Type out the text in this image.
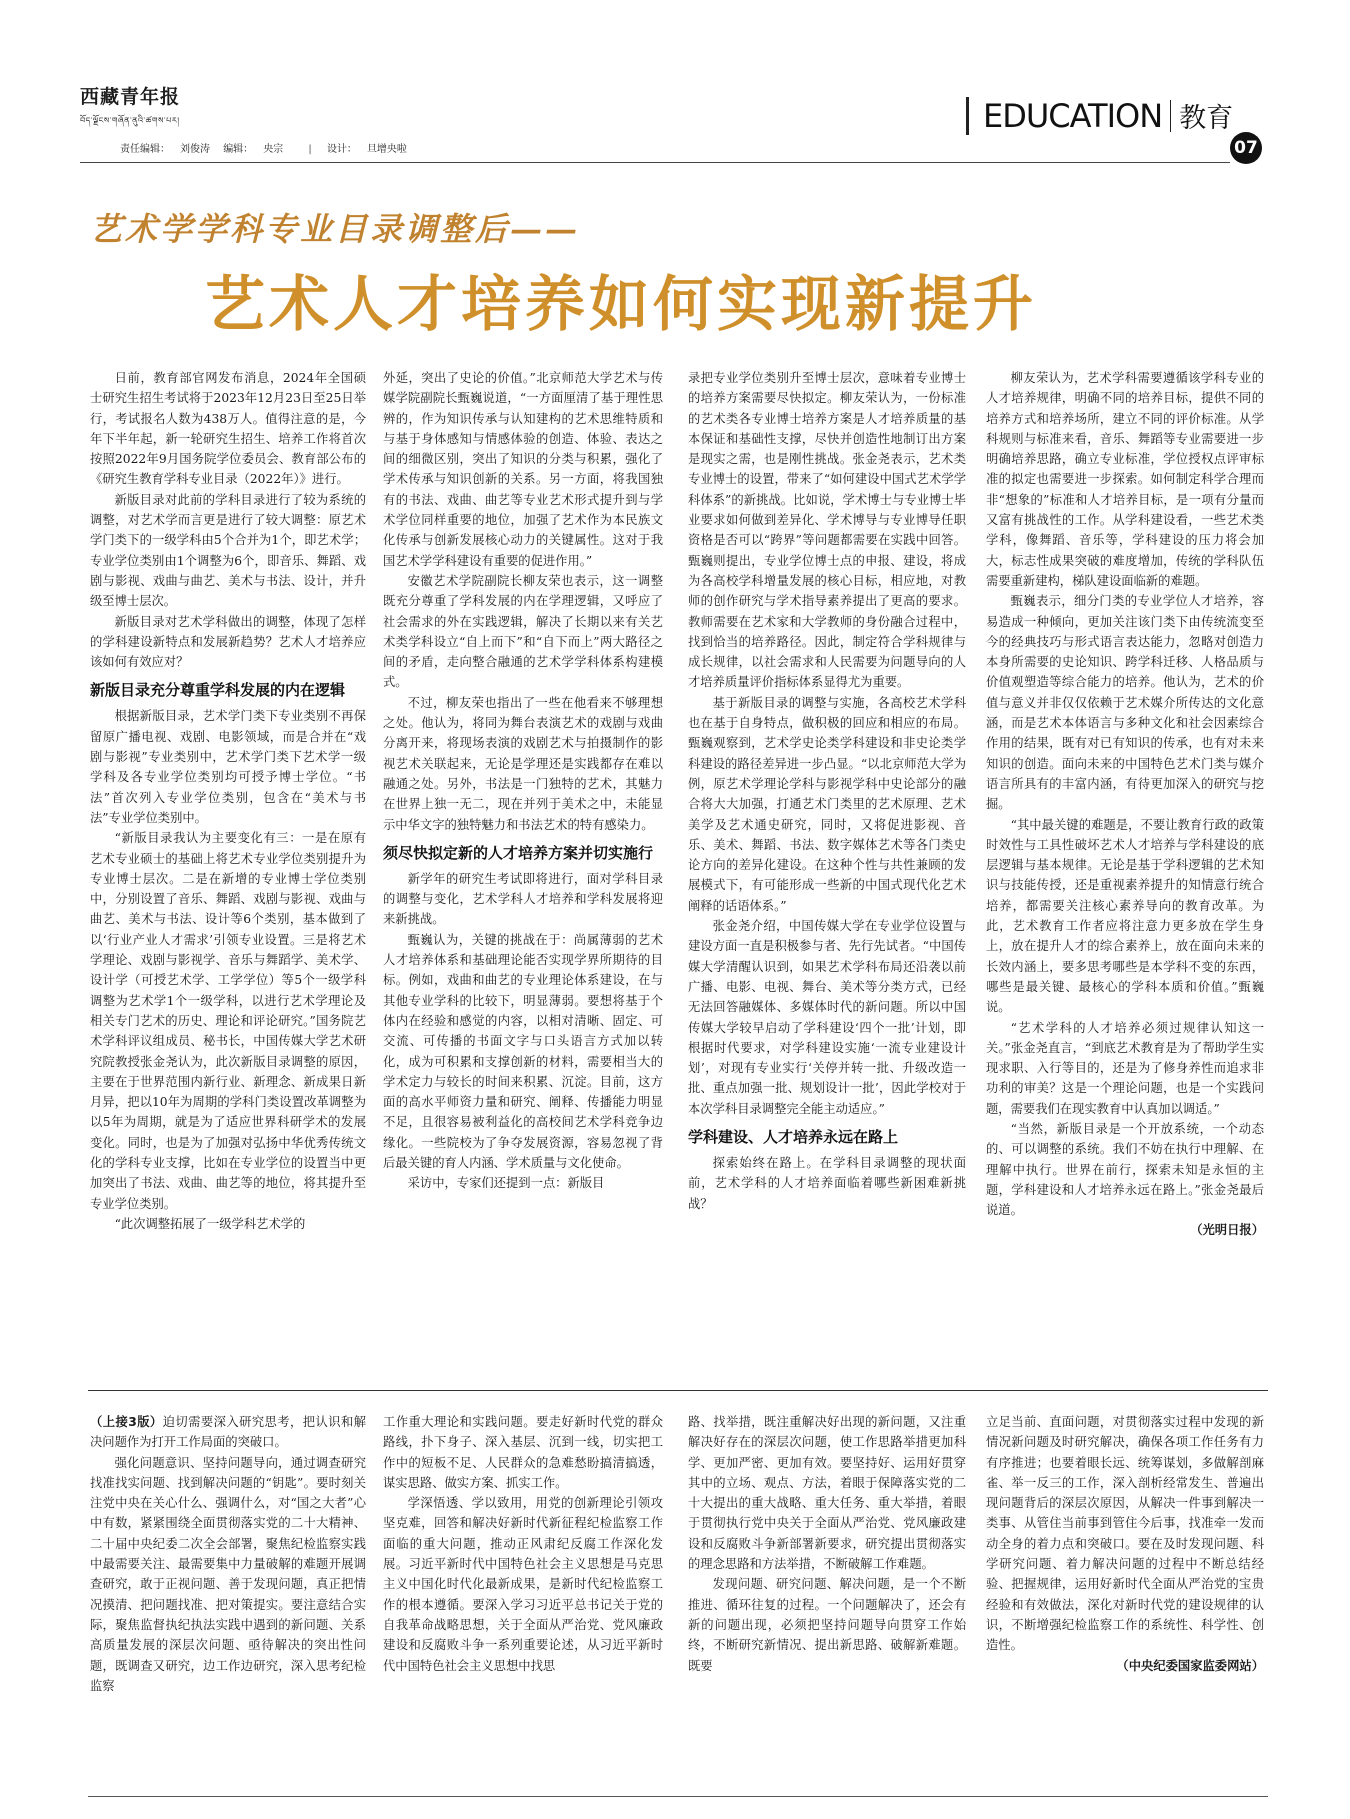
西藏青年报
བོད་ལྗོངས་གཞོན་ནུའི་ཚགས་པར།
责任编辑： 刘俊涛 编辑： 央宗	| 设计： 旦增央啦
EDUCATION 教育
07
艺术学学科专业目录调整后——
艺术人才培养如何实现新提升

日前，教育部官网发布消息，2024年全国硕士研究生招生考试将于2023年12月23日至25日举行，考试报名人数为438万人。值得注意的是，今年下半年起，新一轮研究生招生、培养工作将首次按照2022年9月国务院学位委员会、教育部公布的《研究生教育学科专业目录（2022年）》进行。

新版目录对此前的学科目录进行了较为系统的调整，对艺术学而言更是进行了较大调整：原艺术学门类下的一级学科由5个合并为1个，即艺术学；专业学位类别由1个调整为6个，即音乐、舞蹈、戏剧与影视、戏曲与曲艺、美术与书法、设计，并升级至博士层次。

新版目录对艺术学科做出的调整，体现了怎样的学科建设新特点和发展新趋势？艺术人才培养应该如何有效应对？

新版目录充分尊重学科发展的内在逻辑

根据新版目录，艺术学门类下专业类别不再保留原广播电视、戏剧、电影领域，而是合并在“戏剧与影视”专业类别中，艺术学门类下艺术学一级学科及各专业学位类别均可授予博士学位。“书法”首次列入专业学位类别，包含在“美术与书法”专业学位类别中。

“新版目录我认为主要变化有三：一是在原有艺术专业硕士的基础上将艺术专业学位类别提升为专业博士层次。二是在新增的专业博士学位类别中，分别设置了音乐、舞蹈、戏剧与影视、戏曲与曲艺、美术与书法、设计等6个类别，基本做到了以‘行业产业人才需求’引领专业设置。三是将艺术学理论、戏剧与影视学、音乐与舞蹈学、美术学、设计学（可授艺术学、工学学位）等5个一级学科调整为艺术学1个一级学科，以进行艺术学理论及相关专门艺术的历史、理论和评论研究。”国务院艺术学科评议组成员、秘书长，中国传媒大学艺术研究院教授张金尧认为，此次新版目录调整的原因，主要在于世界范围内新行业、新理念、新成果日新月异，把以10年为周期的学科门类设置改革调整为以5年为周期，就是为了适应世界科研学术的发展变化。同时，也是为了加强对弘扬中华优秀传统文化的学科专业支撑，比如在专业学位的设置当中更加突出了书法、戏曲、曲艺等的地位，将其提升至专业学位类别。

“此次调整拓展了一级学科艺术学的

外延，突出了史论的价值。”北京师范大学艺术与传媒学院副院长甄巍说道，“一方面厘清了基于理性思辨的，作为知识传承与认知建构的艺术思维特质和与基于身体感知与情感体验的创造、体验、表达之间的细微区别，突出了知识的分类与积累，强化了学术传承与知识创新的关系。另一方面，将我国独有的书法、戏曲、曲艺等专业艺术形式提升到与学术学位同样重要的地位，加强了艺术作为本民族文化传承与创新发展核心动力的关键属性。这对于我国艺术学学科建设有重要的促进作用。”

安徽艺术学院副院长柳友荣也表示，这一调整既充分尊重了学科发展的内在学理逻辑，又呼应了社会需求的外在实践逻辑，解决了长期以来有关艺术类学科设立“自上而下”和“自下而上”两大路径之间的矛盾，走向整合融通的艺术学学科体系构建模式。

不过，柳友荣也指出了一些在他看来不够理想之处。他认为，将同为舞台表演艺术的戏剧与戏曲分离开来，将现场表演的戏剧艺术与拍摄制作的影视艺术关联起来，无论是学理还是实践都存在难以融通之处。另外，书法是一门独特的艺术，其魅力在世界上独一无二，现在并列于美术之中，未能显示中华文字的独特魅力和书法艺术的特有感染力。

须尽快拟定新的人才培养方案并切实施行

新学年的研究生考试即将进行，面对学科目录的调整与变化，艺术学科人才培养和学科发展将迎来新挑战。

甄巍认为，关键的挑战在于：尚属薄弱的艺术人才培养体系和基础理论能否实现学界所期待的目标。例如，戏曲和曲艺的专业理论体系建设，在与其他专业学科的比较下，明显薄弱。要想将基于个体内在经验和感觉的内容，以相对清晰、固定、可交流、可传播的书面文字与口头语言方式加以转化，成为可积累和支撑创新的材料，需要相当大的学术定力与较长的时间来积累、沉淀。目前，这方面的高水平师资力量和研究、阐释、传播能力明显不足，且很容易被利益化的高校间艺术学科竞争边缘化。一些院校为了争夺发展资源，容易忽视了背后最关键的育人内涵、学术质量与文化使命。

采访中，专家们还提到一点：新版目

录把专业学位类别升至博士层次，意味着专业博士的培养方案需要尽快拟定。柳友荣认为，一份标准的艺术类各专业博士培养方案是人才培养质量的基本保证和基础性支撑，尽快并创造性地制订出方案是现实之需，也是刚性挑战。张金尧表示，艺术类专业博士的设置，带来了“如何建设中国式艺术学学科体系”的新挑战。比如说，学术博士与专业博士毕业要求如何做到差异化、学术博导与专业博导任职资格是否可以“跨界”等问题都需要在实践中回答。甄巍则提出，专业学位博士点的申报、建设，将成为各高校学科增量发展的核心目标，相应地，对教师的创作研究与学术指导素养提出了更高的要求。教师需要在艺术家和大学教师的身份融合过程中，找到恰当的培养路径。因此，制定符合学科规律与成长规律，以社会需求和人民需要为问题导向的人才培养质量评价指标体系显得尤为重要。

基于新版目录的调整与实施，各高校艺术学科也在基于自身特点，做积极的回应和相应的布局。甄巍观察到，艺术学史论类学科建设和非史论类学科建设的路径差异进一步凸显。“以北京师范大学为例，原艺术学理论学科与影视学科中史论部分的融合将大大加强，打通艺术门类里的艺术原理、艺术美学及艺术通史研究，同时，又将促进影视、音乐、美术、舞蹈、书法、数字媒体艺术等各门类史论方向的差异化建设。在这种个性与共性兼顾的发展模式下，有可能形成一些新的中国式现代化艺术阐释的话语体系。”

张金尧介绍，中国传媒大学在专业学位设置与建设方面一直是积极参与者、先行先试者。“中国传媒大学清醒认识到，如果艺术学科布局还沿袭以前广播、电影、电视、舞台、美术等分类方式，已经无法回答融媒体、多媒体时代的新问题。所以中国传媒大学较早启动了学科建设‘四个一批’计划，即根据时代要求，对学科建设实施‘一流专业建设计划’，对现有专业实行‘关停并转一批、升级改造一批、重点加强一批、规划设计一批’，因此学校对于本次学科目录调整完全能主动适应。”

学科建设、人才培养永远在路上

探索始终在路上。在学科目录调整的现状面前，艺术学科的人才培养面临着哪些新困难新挑战？

柳友荣认为，艺术学科需要遵循该学科专业的人才培养规律，明确不同的培养目标，提供不同的培养方式和培养场所，建立不同的评价标准。从学科规则与标准来看，音乐、舞蹈等专业需要进一步明确培养思路，确立专业标准，学位授权点评审标准的拟定也需要进一步探索。如何制定科学合理而非“想象的”标准和人才培养目标，是一项有分量而又富有挑战性的工作。从学科建设看，一些艺术类学科，像舞蹈、音乐等，学科建设的压力将会加大，标志性成果突破的难度增加，传统的学科队伍需要重新建构，梯队建设面临新的难题。

甄巍表示，细分门类的专业学位人才培养，容易造成一种倾向，更加关注该门类下由传统流变至今的经典技巧与形式语言表达能力，忽略对创造力本身所需要的史论知识、跨学科迁移、人格品质与价值观塑造等综合能力的培养。他认为，艺术的价值与意义并非仅仅依赖于艺术媒介所传达的文化意涵，而是艺术本体语言与多种文化和社会因素综合作用的结果，既有对已有知识的传承，也有对未来知识的创造。面向未来的中国特色艺术门类与媒介语言所具有的丰富内涵，有待更加深入的研究与挖掘。

“其中最关键的难题是，不要让教育行政的政策时效性与工具性破坏艺术人才培养与学科建设的底层逻辑与基本规律。无论是基于学科逻辑的艺术知识与技能传授，还是重视素养提升的知情意行统合培养，都需要关注核心素养导向的教育改革。为此，艺术教育工作者应将注意力更多放在学生身上，放在提升人才的综合素养上，放在面向未来的长效内涵上，要多思考哪些是本学科不变的东西，哪些是最关键、最核心的学科本质和价值。”甄巍说。

“艺术学科的人才培养必须过规律认知这一关。”张金尧直言，“到底艺术教育是为了帮助学生实现求职、入行等目的，还是为了修身养性而追求非功利的审美？这是一个理论问题，也是一个实践问题，需要我们在现实教育中认真加以调适。”

“当然，新版目录是一个开放系统，一个动态的、可以调整的系统。我们不妨在执行中理解、在理解中执行。世界在前行，探索未知是永恒的主题，学科建设和人才培养永远在路上。”张金尧最后说道。

（光明日报）

（上接3版）迫切需要深入研究思考，把认识和解决问题作为打开工作局面的突破口。

强化问题意识、坚持问题导向，通过调查研究找准找实问题、找到解决问题的“钥匙”。要时刻关注党中央在关心什么、强调什么，对“国之大者”心中有数，紧紧围绕全面贯彻落实党的二十大精神、二十届中央纪委二次全会部署，聚焦纪检监察实践中最需要关注、最需要集中力量破解的难题开展调查研究，敢于正视问题、善于发现问题，真正把情况摸清、把问题找准、把对策提实。要注意结合实际，聚焦监督执纪执法实践中遇到的新问题、关系高质量发展的深层次问题、亟待解决的突出性问题，既调查又研究，边工作边研究，深入思考纪检监察

工作重大理论和实践问题。要走好新时代党的群众路线，扑下身子、深入基层、沉到一线，切实把工作中的短板不足、人民群众的急难愁盼搞清搞透，谋实思路、做实方案、抓实工作。

学深悟透、学以致用，用党的创新理论引领攻坚克难，回答和解决好新时代新征程纪检监察工作面临的重大问题，推动正风肃纪反腐工作深化发展。习近平新时代中国特色社会主义思想是马克思主义中国化时代化最新成果，是新时代纪检监察工作的根本遵循。要深入学习习近平总书记关于党的自我革命战略思想，关于全面从严治党、党风廉政建设和反腐败斗争一系列重要论述，从习近平新时代中国特色社会主义思想中找思

路、找举措，既注重解决好出现的新问题，又注重解决好存在的深层次问题，使工作思路举措更加科学、更加严密、更加有效。要坚持好、运用好贯穿其中的立场、观点、方法，着眼于保障落实党的二十大提出的重大战略、重大任务、重大举措，着眼于贯彻执行党中央关于全面从严治党、党风廉政建设和反腐败斗争新部署新要求，研究提出贯彻落实的理念思路和方法举措，不断破解工作难题。

发现问题、研究问题、解决问题，是一个不断推进、循环往复的过程。一个问题解决了，还会有新的问题出现，必须把坚持问题导向贯穿工作始终，不断研究新情况、提出新思路、破解新难题。既要

立足当前、直面问题，对贯彻落实过程中发现的新情况新问题及时研究解决，确保各项工作任务有力有序推进；也要着眼长远、统筹谋划，多做解剖麻雀、举一反三的工作，深入剖析经常发生、普遍出现问题背后的深层次原因，从解决一件事到解决一类事、从管住当前事到管住今后事，找准牵一发而动全身的着力点和突破口。要在及时发现问题、科学研究问题、着力解决问题的过程中不断总结经验、把握规律，运用好新时代全面从严治党的宝贵经验和有效做法，深化对新时代党的建设规律的认识，不断增强纪检监察工作的系统性、科学性、创造性。

（中央纪委国家监委网站）
